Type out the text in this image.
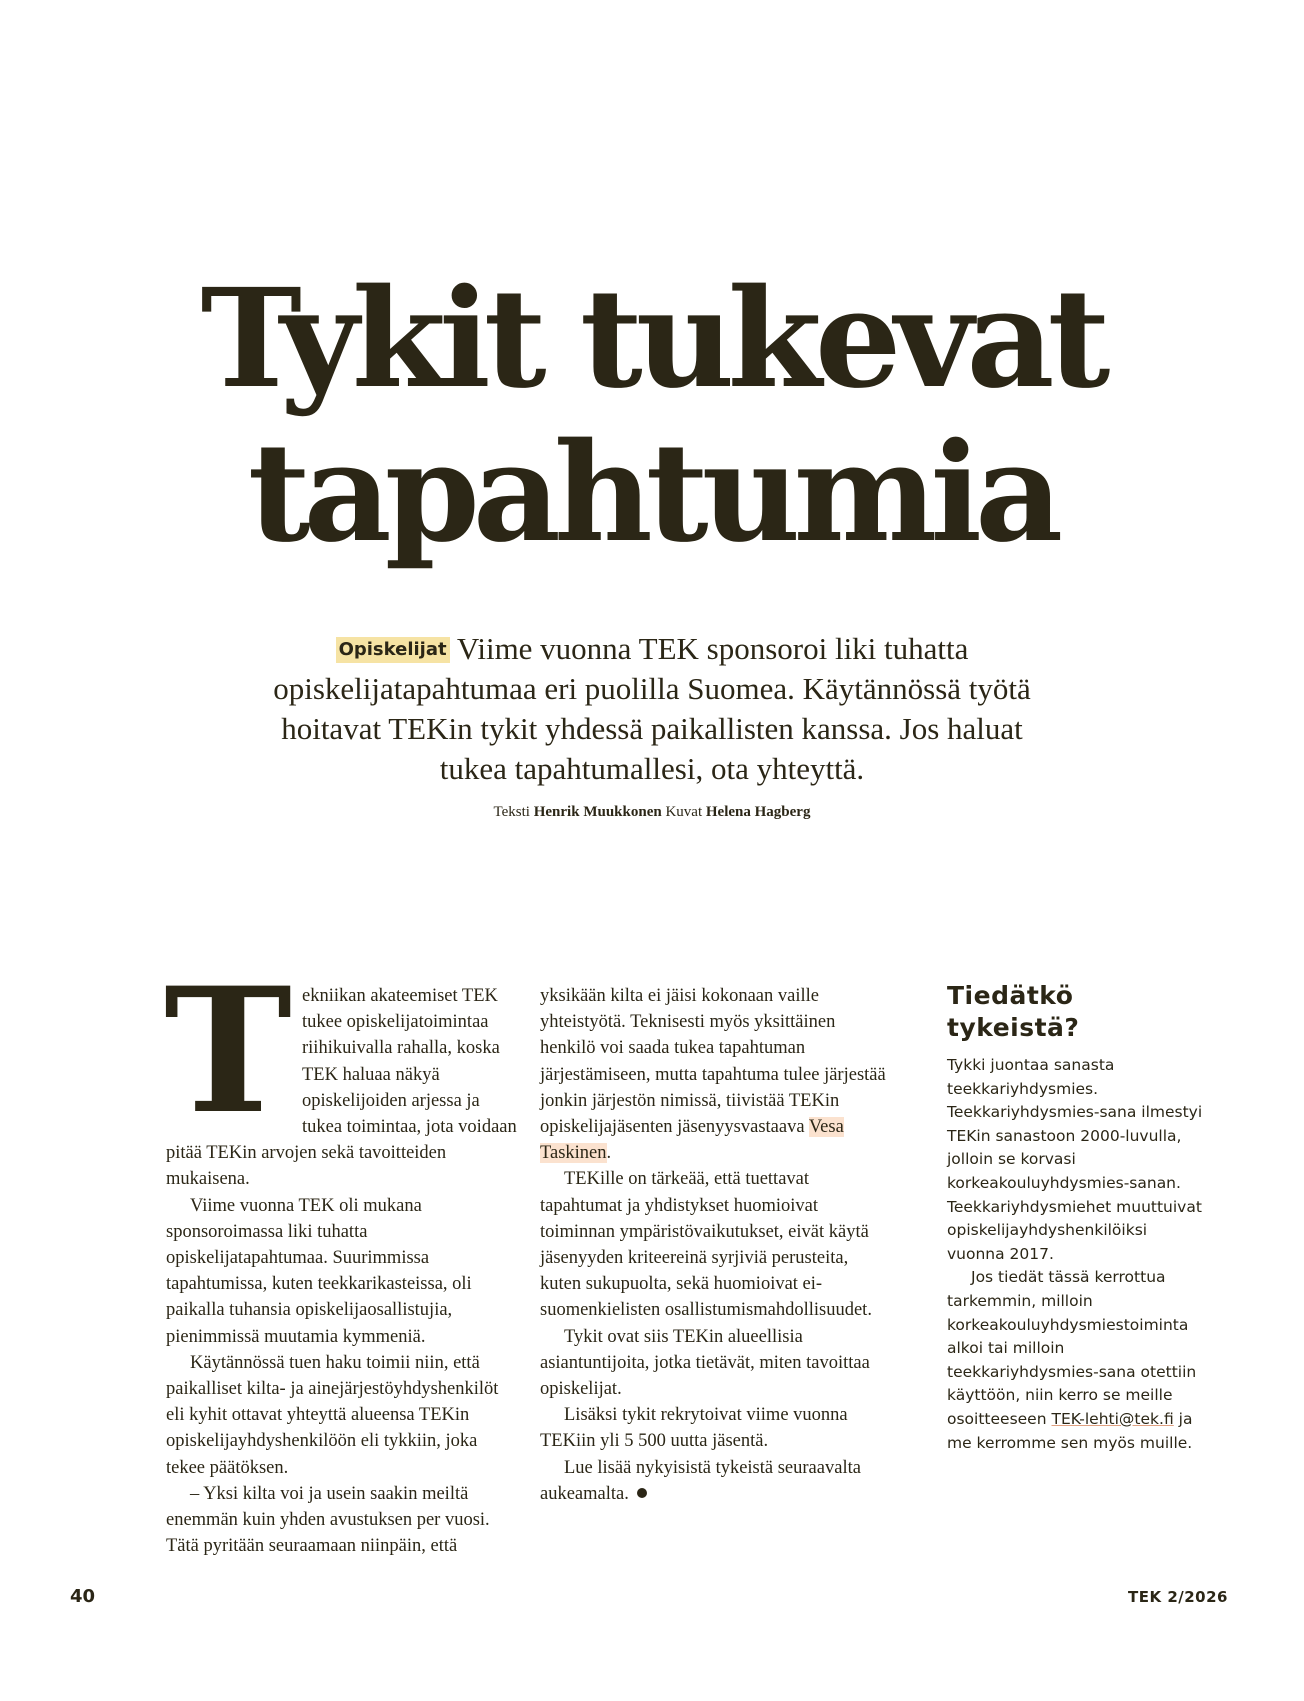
Tykit tukevat
tapahtumia

Opiskelijat Viime vuonna TEK sponsoroi liki tuhatta opiskelijatapahtumaa eri puolilla Suomea. Käytännössä työtä hoitavat TEKin tykit yhdessä paikallisten kanssa. Jos haluat tukea tapahtumallesi, ota yhteyttä.

Teksti Henrik Muukkonen Kuvat Helena Hagberg

Tekniikan akateemiset TEK tukee opiskelijatoimintaa riihikuivalla rahalla, koska TEK haluaa näkyä opiskelijoiden arjessa ja tukea toimintaa, jota voidaan pitää TEKin arvojen sekä tavoitteiden mukaisena.

Viime vuonna TEK oli mukana sponsoroimassa liki tuhatta opiskelijatapahtumaa. Suurimmissa tapahtumissa, kuten teekkarikasteissa, oli paikalla tuhansia opiskelijaosallistujia, pienimmissä muutamia kymmeniä.

Käytännössä tuen haku toimii niin, että paikalliset kilta- ja ainejärjestöyhdyshenkilöt eli kyhit ottavat yhteyttä alueensa TEKin opiskelijayhdyshenkilöön eli tykkiin, joka tekee päätöksen.

– Yksi kilta voi ja usein saakin meiltä enemmän kuin yhden avustuksen per vuosi. Tätä pyritään seuraamaan niinpäin, että

yksikään kilta ei jäisi kokonaan vaille yhteistyötä. Teknisesti myös yksittäinen henkilö voi saada tukea tapahtuman järjestämiseen, mutta tapahtuma tulee järjestää jonkin järjestön nimissä, tiivistää TEKin opiskelijajäsenten jäsenyysvastaava Vesa Taskinen.

TEKille on tärkeää, että tuettavat tapahtumat ja yhdistykset huomioivat toiminnan ympäristövaikutukset, eivät käytä jäsenyyden kriteereinä syrjiviä perusteita, kuten sukupuolta, sekä huomioivat ei-suomenkielisten osallistumismahdollisuudet.

Tykit ovat siis TEKin alueellisia asiantuntijoita, jotka tietävät, miten tavoittaa opiskelijat.

Lisäksi tykit rekrytoivat viime vuonna TEKiin yli 5 500 uutta jäsentä.

Lue lisää nykyisistä tykeistä seuraavalta aukeamalta.

Tiedätkö tykeistä?

Tykki juontaa sanasta teekkariyhdysmies. Teekkariyhdysmies-sana ilmestyi TEKin sanastoon 2000-luvulla, jolloin se korvasi korkeakouluyhdysmies-sanan. Teekkariyhdysmiehet muuttuivat opiskelijayhdyshenkilöiksi vuonna 2017.

Jos tiedät tässä kerrottua tarkemmin, milloin korkeakouluyhdysmiestoiminta alkoi tai milloin teekkariyhdysmies-sana otettiin käyttöön, niin kerro se meille osoitteeseen TEK-lehti@tek.fi ja me kerromme sen myös muille.

40	TEK 2/2026
